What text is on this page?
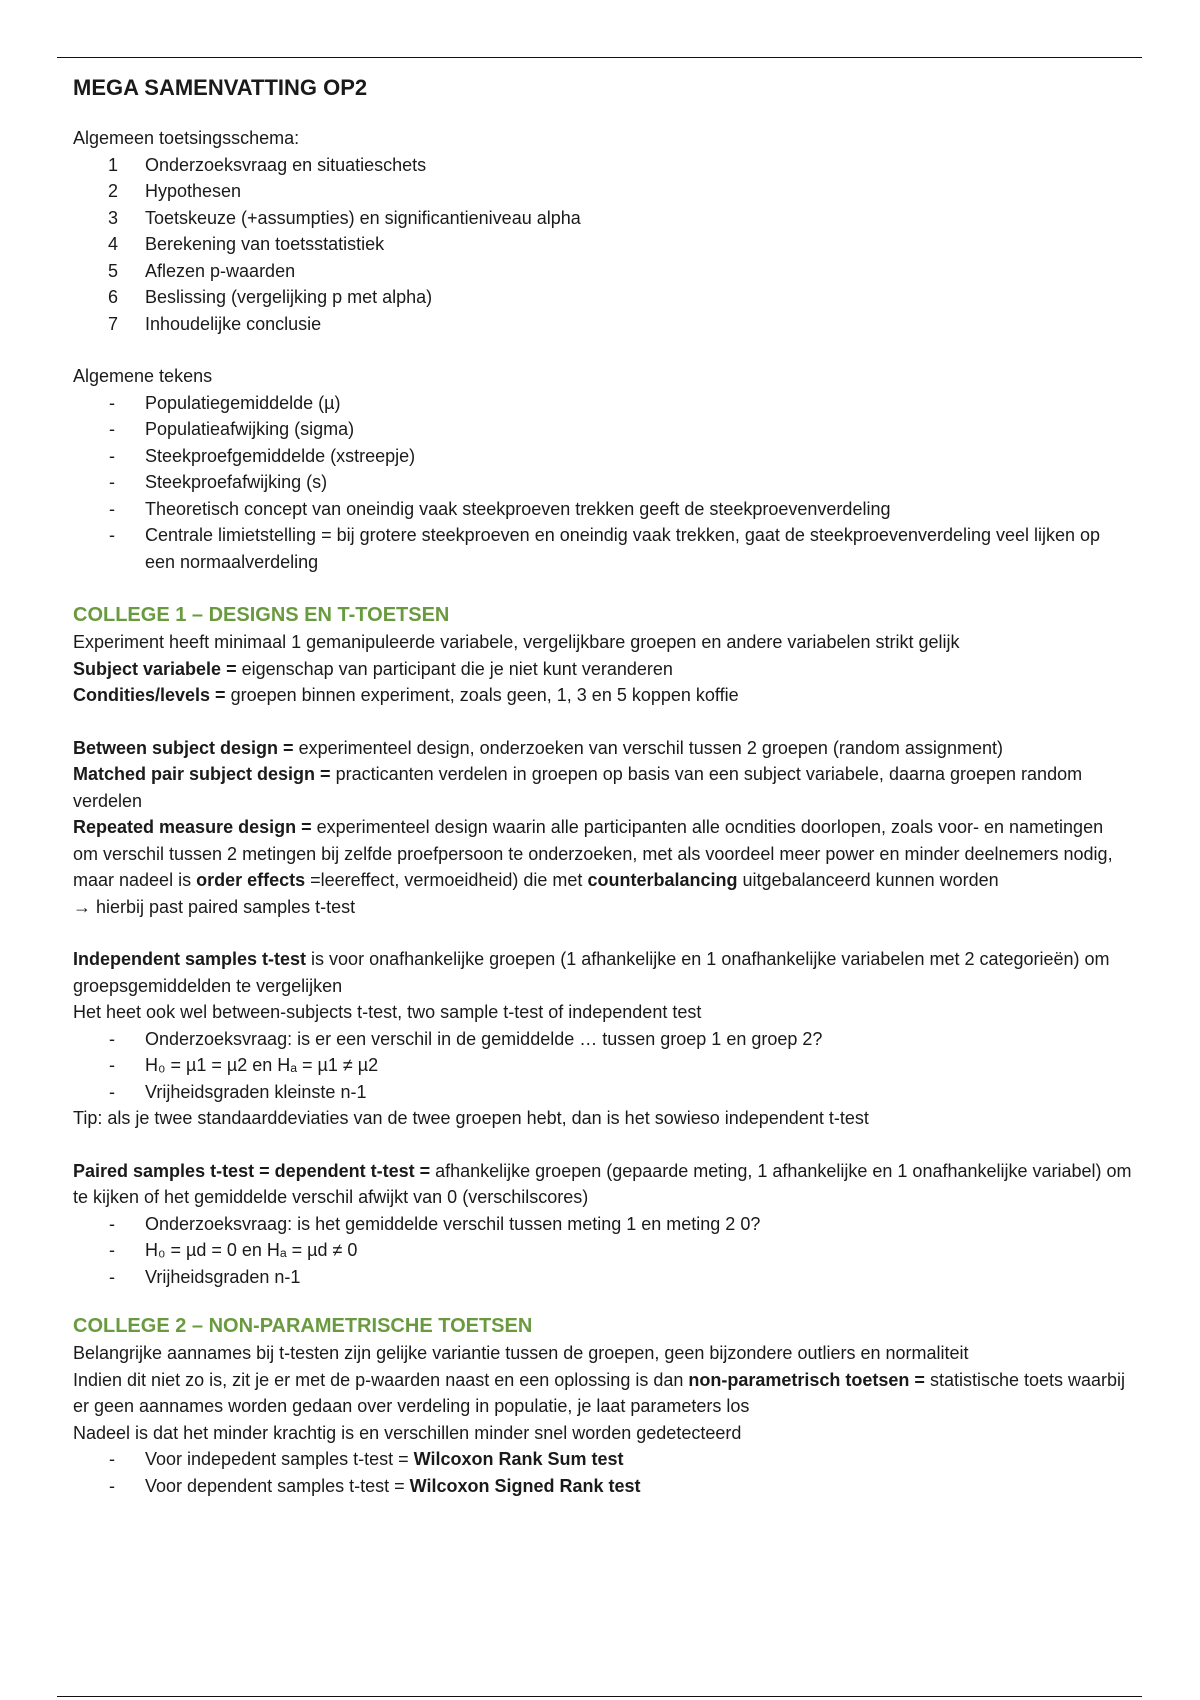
MEGA SAMENVATTING OP2

Algemeen toetsingsschema:

1 Onderzoeksvraag en situatieschets
2 Hypothesen
3 Toetskeuze (+assumpties) en significantieniveau alpha
4 Berekening van toetsstatistiek
5 Aflezen p-waarden
6 Beslissing (vergelijking p met alpha)
7 Inhoudelijke conclusie

Algemene tekens

- Populatiegemiddelde (µ)
- Populatieafwijking (sigma)
- Steekproefgemiddelde (xstreepje)
- Steekproefafwijking (s)
- Theoretisch concept van oneindig vaak steekproeven trekken geeft de steekproevenverdeling
- Centrale limietstelling = bij grotere steekproeven en oneindig vaak trekken, gaat de steekproevenverdeling veel lijken op een normaalverdeling
COLLEGE 1 – DESIGNS EN T-TOETSEN

Experiment heeft minimaal 1 gemanipuleerde variabele, vergelijkbare groepen en andere variabelen strikt gelijk

Subject variabele = eigenschap van participant die je niet kunt veranderen

Condities/levels = groepen binnen experiment, zoals geen, 1, 3 en 5 koppen koffie

Between subject design = experimenteel design, onderzoeken van verschil tussen 2 groepen (random assignment)

Matched pair subject design = practicanten verdelen in groepen op basis van een subject variabele, daarna groepen random verdelen

Repeated measure design = experimenteel design waarin alle participanten alle ocndities doorlopen, zoals voor- en nametingen om verschil tussen 2 metingen bij zelfde proefpersoon te onderzoeken, met als voordeel meer power en minder deelnemers nodig, maar nadeel is order effects =leereffect, vermoeidheid) die met counterbalancing uitgebalanceerd kunnen worden

→ hierbij past paired samples t-test

Independent samples t-test is voor onafhankelijke groepen (1 afhankelijke en 1 onafhankelijke variabelen met 2 categorieën) om groepsgemiddelden te vergelijken

Het heet ook wel between-subjects t-test, two sample t-test of independent test

- Onderzoeksvraag: is er een verschil in de gemiddelde … tussen groep 1 en groep 2?
- H₀ = µ1 = µ2 en Hₐ = µ1 ≠ µ2
- Vrijheidsgraden kleinste n-1

Tip: als je twee standaarddeviaties van de twee groepen hebt, dan is het sowieso independent t-test

Paired samples t-test = dependent t-test = afhankelijke groepen (gepaarde meting, 1 afhankelijke en 1 onafhankelijke variabel) om te kijken of het gemiddelde verschil afwijkt van 0 (verschilscores)

- Onderzoeksvraag: is het gemiddelde verschil tussen meting 1 en meting 2 0?
- H₀ = µd = 0 en Hₐ = µd ≠ 0
- Vrijheidsgraden n-1
COLLEGE 2 – NON-PARAMETRISCHE TOETSEN

Belangrijke aannames bij t-testen zijn gelijke variantie tussen de groepen, geen bijzondere outliers en normaliteit

Indien dit niet zo is, zit je er met de p-waarden naast en een oplossing is dan non-parametrisch toetsen = statistische toets waarbij er geen aannames worden gedaan over verdeling in populatie, je laat parameters los

Nadeel is dat het minder krachtig is en verschillen minder snel worden gedetecteerd

- Voor indepedent samples t-test = Wilcoxon Rank Sum test
- Voor dependent samples t-test = Wilcoxon Signed Rank test
